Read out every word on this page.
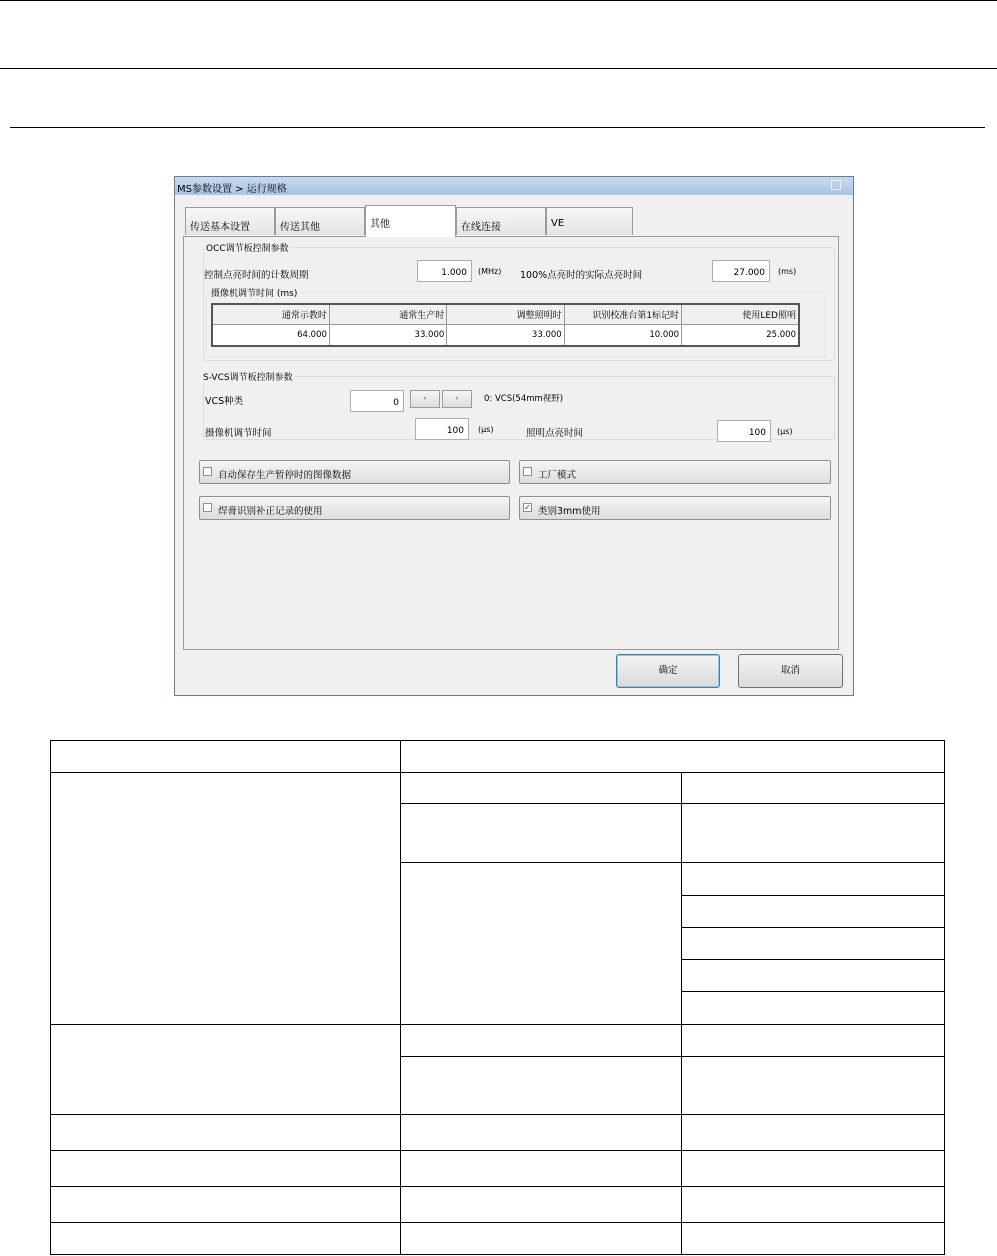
MS参数设置 > 运行规格
传送基本设置	传送其他	其他	在线连接	VE
OCC调节板控制参数
控制点亮时间的计数周期	1.000	(MHz) 100%点亮时的实际点亮时间	27.000	(ms)
摄像机调节时间 (ms)
通常示教时	通常生产时	调整照明时	识别校准台第1标记时	使用LED照明
64.000	33.000	33.000	10.000	25.000
S-VCS调节板控制参数
VCS种类	0	‹	›	0: VCS(54mm视野)
摄像机调节时间	100	(μs)	照明点亮时间	100	(μs)
自动保存生产暂停时的图像数据	工厂模式
焊膏识别补正记录的使用	✓ 类别3mm使用
确定	取消
